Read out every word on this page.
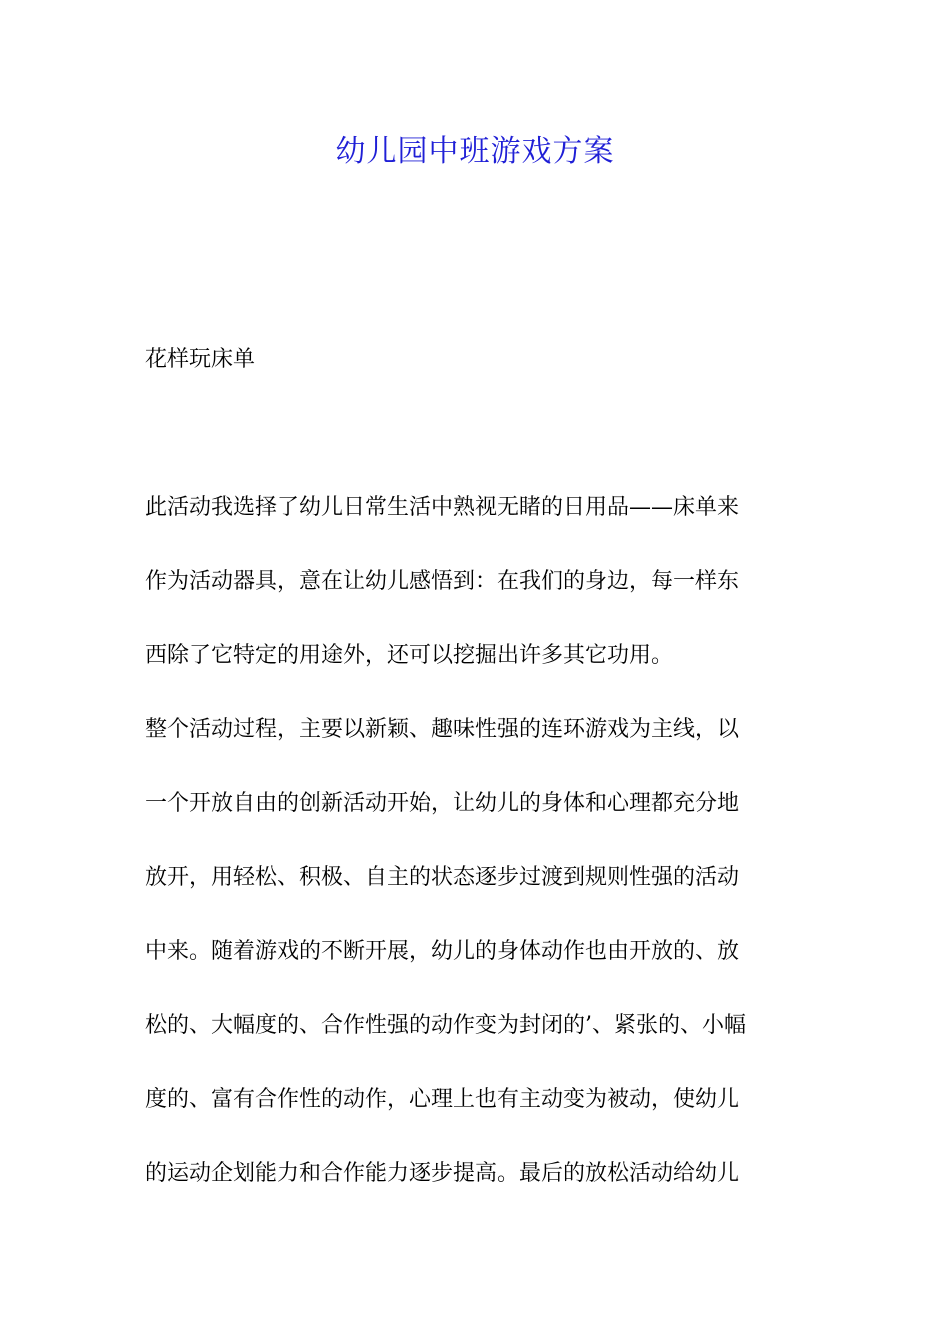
幼儿园中班游戏方案

花样玩床单

此活动我选择了幼儿日常生活中熟视无睹的日用品——床单来

作为活动器具，意在让幼儿感悟到：在我们的身边，每一样东

西除了它特定的用途外，还可以挖掘出许多其它功用。

整个活动过程，主要以新颖、趣味性强的连环游戏为主线，以

一个开放自由的创新活动开始，让幼儿的身体和心理都充分地

放开，用轻松、积极、自主的状态逐步过渡到规则性强的活动

中来。随着游戏的不断开展，幼儿的身体动作也由开放的、放

松的、大幅度的、合作性强的动作变为封闭的’、紧张的、小幅

度的、富有合作性的动作，心理上也有主动变为被动，使幼儿

的运动企划能力和合作能力逐步提高。最后的放松活动给幼儿
